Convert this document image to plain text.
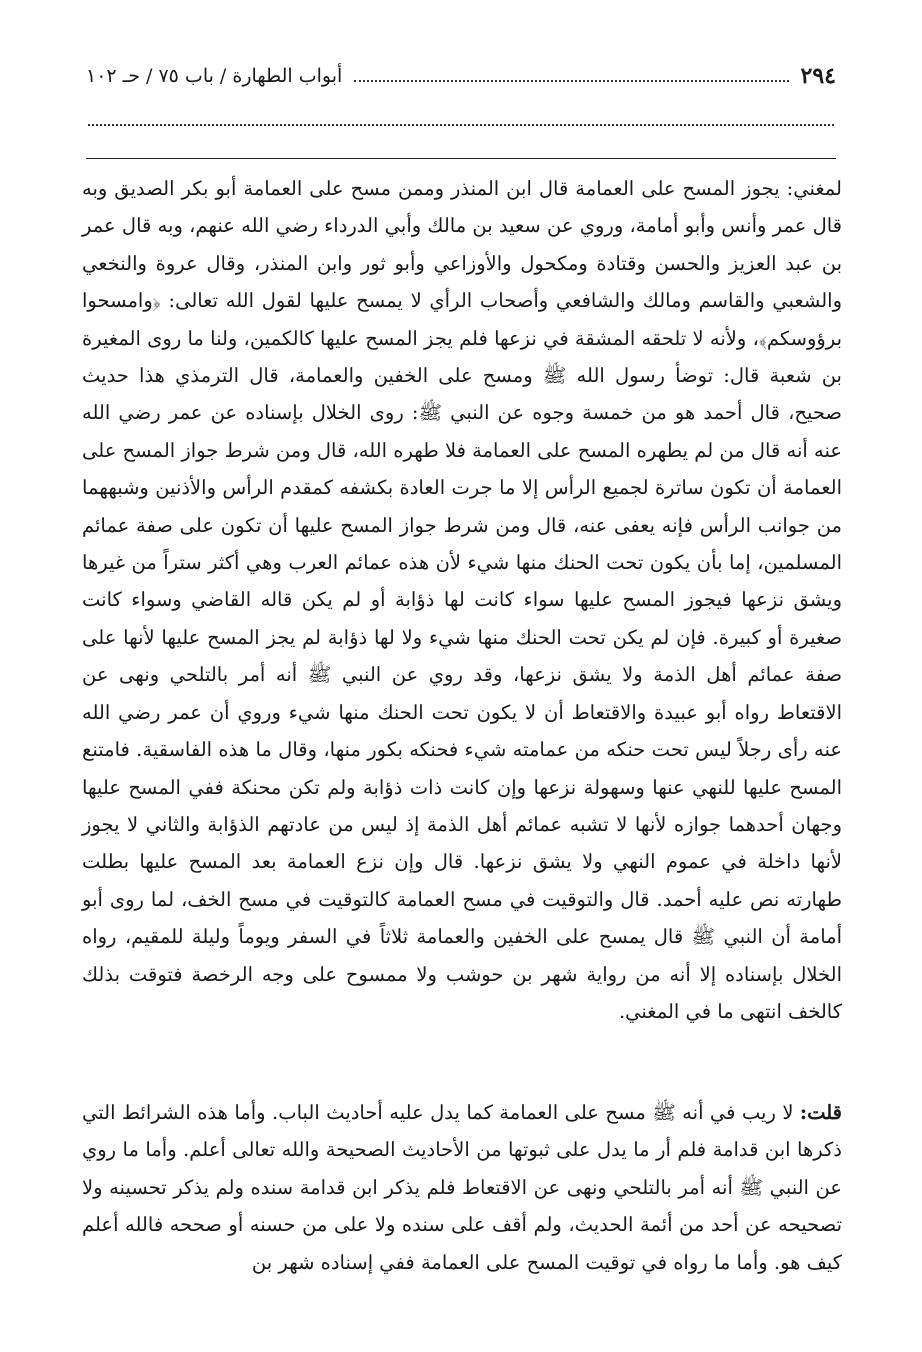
٢٩٤
أبواب الطهارة / باب ٧٥ / حـ ١٠٢
لمغني: يجوز المسح على العمامة قال ابن المنذر وممن مسح على العمامة أبو بكر الصديق وبه قال عمر وأنس وأبو أمامة، وروي عن سعيد بن مالك وأبي الدرداء رضي الله عنهم، وبه قال عمر بن عبد العزيز والحسن وقتادة ومكحول والأوزاعي وأبو ثور وابن المنذر، وقال عروة والنخعي والشعبي والقاسم ومالك والشافعي وأصحاب الرأي لا يمسح عليها لقول الله تعالى: ﴿وامسحوا برؤوسكم﴾، ولأنه لا تلحقه المشقة في نزعها فلم يجز المسح عليها كالكمين، ولنا ما روى المغيرة بن شعبة قال: توضأ رسول الله ﷺ ومسح على الخفين والعمامة، قال الترمذي هذا حديث صحيح، قال أحمد هو من خمسة وجوه عن النبي ﷺ: روى الخلال بإسناده عن عمر رضي الله عنه أنه قال من لم يطهره المسح على العمامة فلا طهره الله، قال ومن شرط جواز المسح على العمامة أن تكون ساترة لجميع الرأس إلا ما جرت العادة بكشفه كمقدم الرأس والأذنين وشبههما من جوانب الرأس فإنه يعفى عنه، قال ومن شرط جواز المسح عليها أن تكون على صفة عمائم المسلمين، إما بأن يكون تحت الحنك منها شيء لأن هذه عمائم العرب وهي أكثر ستراً من غيرها ويشق نزعها فيجوز المسح عليها سواء كانت لها ذؤابة أو لم يكن قاله القاضي وسواء كانت صغيرة أو كبيرة. فإن لم يكن تحت الحنك منها شيء ولا لها ذؤابة لم يجز المسح عليها لأنها على صفة عمائم أهل الذمة ولا يشق نزعها، وقد روي عن النبي ﷺ أنه أمر بالتلحي ونهى عن الاقتعاط رواه أبو عبيدة والاقتعاط أن لا يكون تحت الحنك منها شيء وروي أن عمر رضي الله عنه رأى رجلاً ليس تحت حنكه من عمامته شيء فحنكه بكور منها، وقال ما هذه الفاسقية. فامتنع المسح عليها للنهي عنها وسهولة نزعها وإن كانت ذات ذؤابة ولم تكن محنكة ففي المسح عليها وجهان أحدهما جوازه لأنها لا تشبه عمائم أهل الذمة إذ ليس من عادتهم الذؤابة والثاني لا يجوز لأنها داخلة في عموم النهي ولا يشق نزعها. قال وإن نزع العمامة بعد المسح عليها بطلت طهارته نص عليه أحمد. قال والتوقيت في مسح العمامة كالتوقيت في مسح الخف، لما روى أبو أمامة أن النبي ﷺ قال يمسح على الخفين والعمامة ثلاثاً في السفر ويوماً وليلة للمقيم، رواه الخلال بإسناده إلا أنه من رواية شهر بن حوشب ولا ممسوح على وجه الرخصة فتوقت بذلك كالخف انتهى ما في المغني.
قلت: لا ريب في أنه ﷺ مسح على العمامة كما يدل عليه أحاديث الباب. وأما هذه الشرائط التي ذكرها ابن قدامة فلم أر ما يدل على ثبوتها من الأحاديث الصحيحة والله تعالى أعلم. وأما ما روي عن النبي ﷺ أنه أمر بالتلحي ونهى عن الاقتعاط فلم يذكر ابن قدامة سنده ولم يذكر تحسينه ولا تصحيحه عن أحد من أئمة الحديث، ولم أقف على سنده ولا على من حسنه أو صححه فالله أعلم كيف هو. وأما ما رواه في توقيت المسح على العمامة ففي إسناده شهر بن
